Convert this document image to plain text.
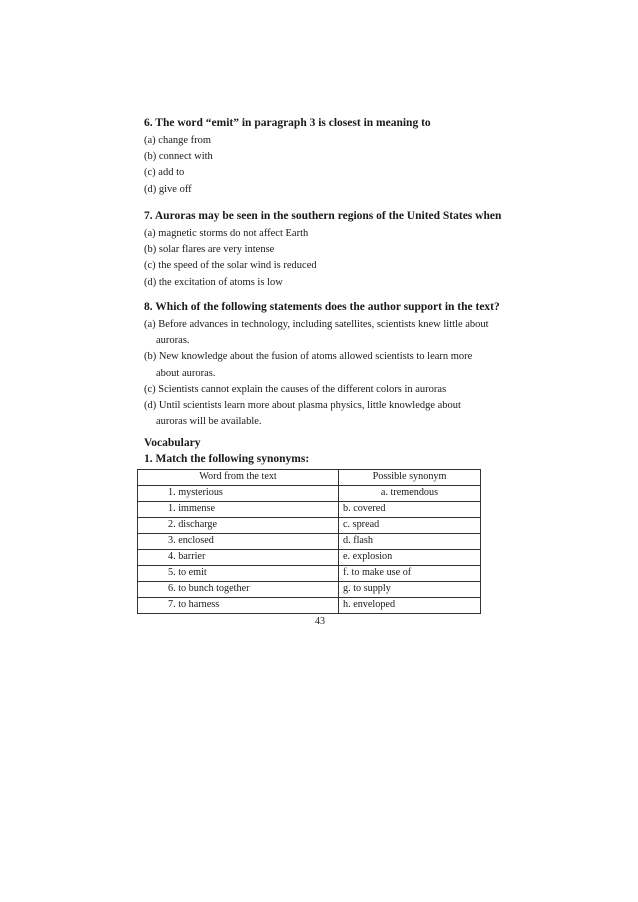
6. The word “emit” in paragraph 3 is closest in meaning to

(a) change from

(b) connect with

(c) add to

(d) give off

7. Auroras may be seen in the southern regions of the United States when

(a) magnetic storms do not affect Earth

(b) solar flares are very intense

(c) the speed of the solar wind is reduced

(d) the excitation of atoms is low

8. Which of the following statements does the author support in the text?

(a) Before advances in technology, including satellites, scientists knew little about
auroras.

(b) New knowledge about the fusion of atoms allowed scientists to learn more
about auroras.

(c) Scientists cannot explain the causes of the different colors in auroras

(d) Until scientists learn more about plasma physics, little knowledge about
auroras will be available.

Vocabulary
1. Match the following synonyms:
Word from the text	Possible synonym
1. mysterious	a. tremendous
1. immense	b. covered
2. discharge	c. spread
3. enclosed	d. flash
4. barrier	e. explosion
5. to emit	f. to make use of
6. to bunch together	g. to supply
7. to harness	h. enveloped
43
